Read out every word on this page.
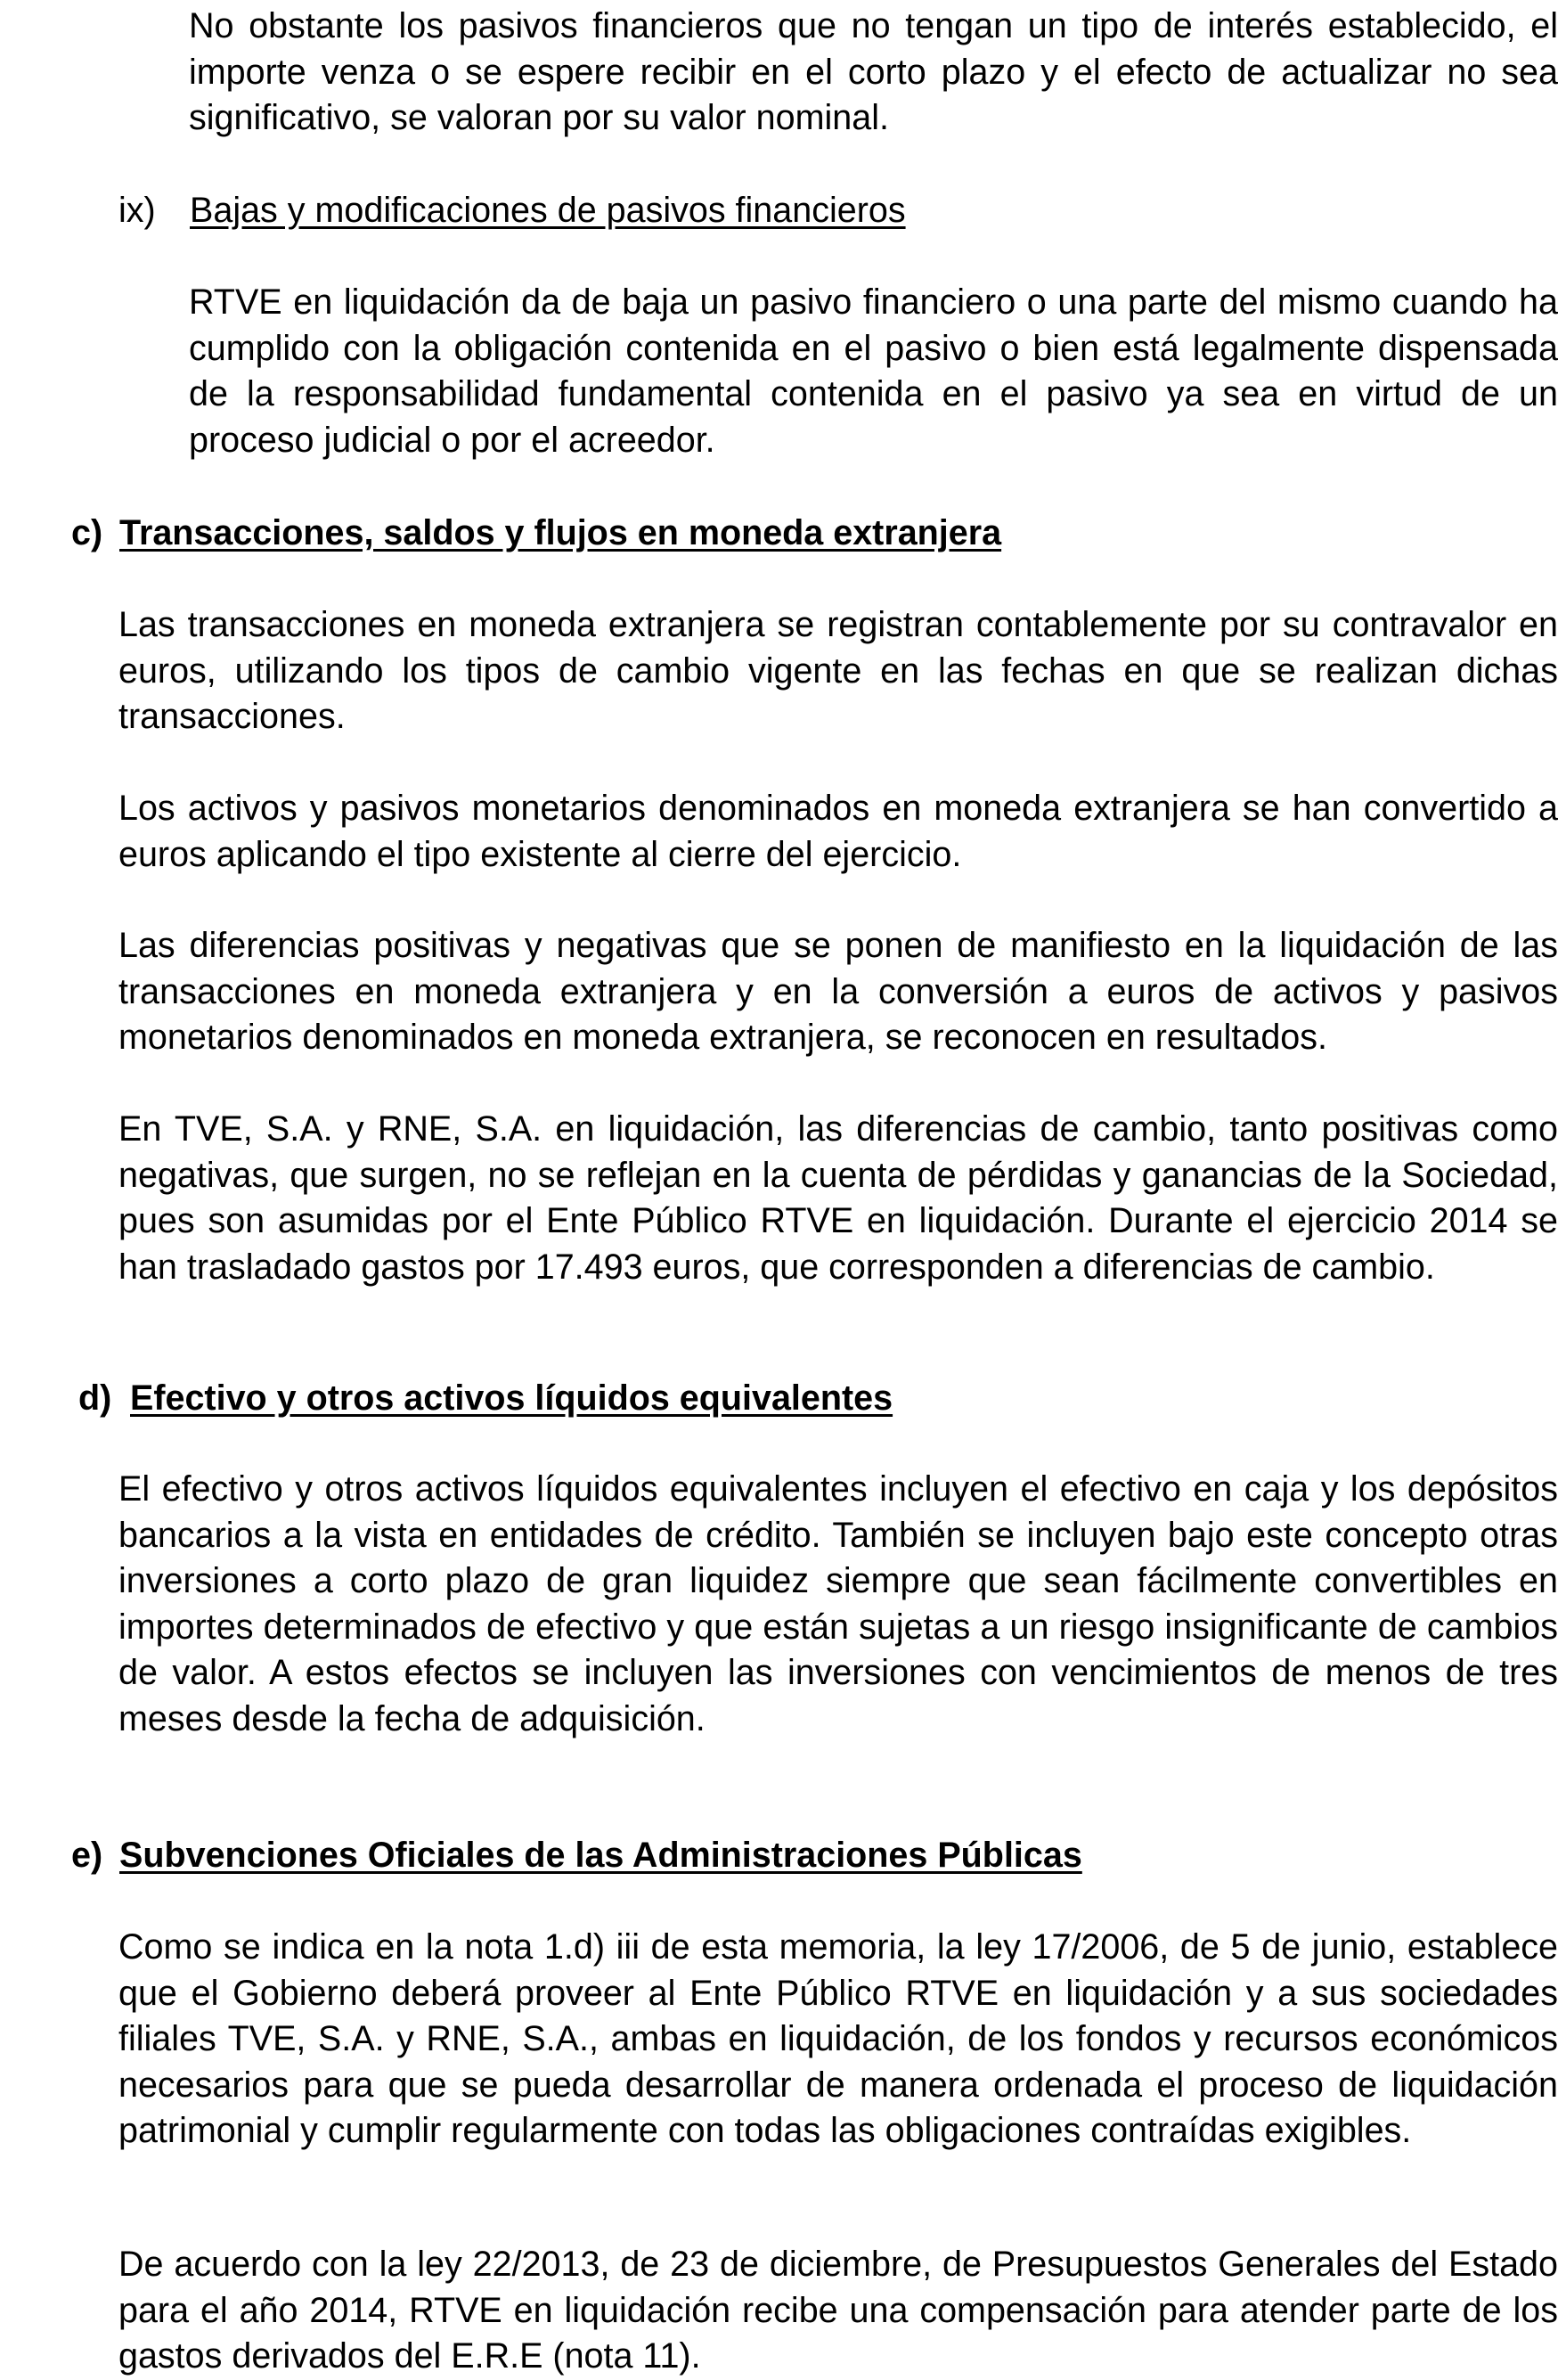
No obstante los pasivos financieros que no tengan un tipo de interés establecido, el importe venza o se espere recibir en el corto plazo y el efecto de actualizar no sea significativo, se valoran por su valor nominal.

ix) Bajas y modificaciones de pasivos financieros

RTVE en liquidación da de baja un pasivo financiero o una parte del mismo cuando ha cumplido con la obligación contenida en el pasivo o bien está legalmente dispensada de la responsabilidad fundamental contenida en el pasivo ya sea en virtud de un proceso judicial o por el acreedor.

c) Transacciones, saldos y flujos en moneda extranjera

Las transacciones en moneda extranjera se registran contablemente por su contravalor en euros, utilizando los tipos de cambio vigente en las fechas en que se realizan dichas transacciones.

Los activos y pasivos monetarios denominados en moneda extranjera se han convertido a euros aplicando el tipo existente al cierre del ejercicio.

Las diferencias positivas y negativas que se ponen de manifiesto en la liquidación de las transacciones en moneda extranjera y en la conversión a euros de activos y pasivos monetarios denominados en moneda extranjera, se reconocen en resultados.

En TVE, S.A. y RNE, S.A. en liquidación, las diferencias de cambio, tanto positivas como negativas, que surgen, no se reflejan en la cuenta de pérdidas y ganancias de la Sociedad, pues son asumidas por el Ente Público RTVE en liquidación. Durante el ejercicio 2014 se han trasladado gastos por 17.493 euros, que corresponden a diferencias de cambio.

d) Efectivo y otros activos líquidos equivalentes

El efectivo y otros activos líquidos equivalentes incluyen el efectivo en caja y los depósitos bancarios a la vista en entidades de crédito. También se incluyen bajo este concepto otras inversiones a corto plazo de gran liquidez siempre que sean fácilmente convertibles en importes determinados de efectivo y que están sujetas a un riesgo insignificante de cambios de valor. A estos efectos se incluyen las inversiones con vencimientos de menos de tres meses desde la fecha de adquisición.

e) Subvenciones Oficiales de las Administraciones Públicas

Como se indica en la nota 1.d) iii de esta memoria, la ley 17/2006, de 5 de junio, establece que el Gobierno deberá proveer al Ente Público RTVE en liquidación y a sus sociedades filiales TVE, S.A. y RNE, S.A., ambas en liquidación, de los fondos y recursos económicos necesarios para que se pueda desarrollar de manera ordenada el proceso de liquidación patrimonial y cumplir regularmente con todas las obligaciones contraídas exigibles.

De acuerdo con la ley 22/2013, de 23 de diciembre, de Presupuestos Generales del Estado para el año 2014, RTVE en liquidación recibe una compensación para atender parte de los gastos derivados del E.R.E (nota 11).
